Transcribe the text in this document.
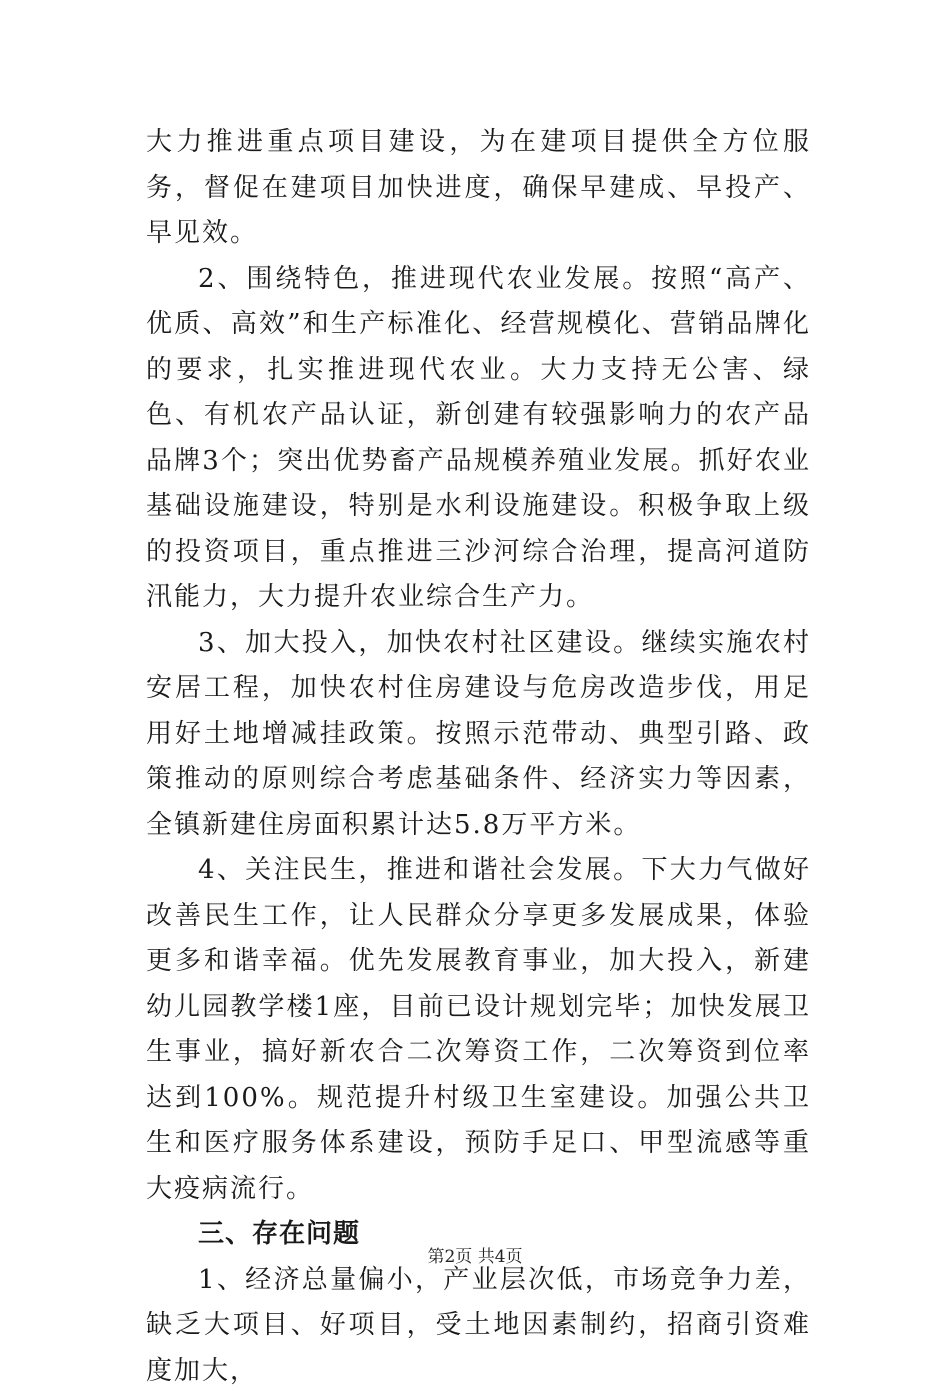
大力推进重点项目建设，为在建项目提供全方位服务，督促在建项目加快进度，确保早建成、早投产、早见效。

2、围绕特色，推进现代农业发展。按照“高产、优质、高效”和生产标准化、经营规模化、营销品牌化的要求，扎实推进现代农业。大力支持无公害、绿色、有机农产品认证，新创建有较强影响力的农产品品牌3个；突出优势畜产品规模养殖业发展。抓好农业基础设施建设，特别是水利设施建设。积极争取上级的投资项目，重点推进三沙河综合治理，提高河道防汛能力，大力提升农业综合生产力。

3、加大投入，加快农村社区建设。继续实施农村安居工程，加快农村住房建设与危房改造步伐，用足用好土地增减挂政策。按照示范带动、典型引路、政策推动的原则综合考虑基础条件、经济实力等因素，全镇新建住房面积累计达5.8万平方米。

4、关注民生，推进和谐社会发展。下大力气做好改善民生工作，让人民群众分享更多发展成果，体验更多和谐幸福。优先发展教育事业，加大投入，新建幼儿园教学楼1座，目前已设计规划完毕；加快发展卫生事业，搞好新农合二次筹资工作，二次筹资到位率达到100%。规范提升村级卫生室建设。加强公共卫生和医疗服务体系建设，预防手足口、甲型流感等重大疫病流行。

三、存在问题

1、经济总量偏小，产业层次低，市场竞争力差，缺乏大项目、好项目，受土地因素制约，招商引资难度加大，

第2页 共4页
